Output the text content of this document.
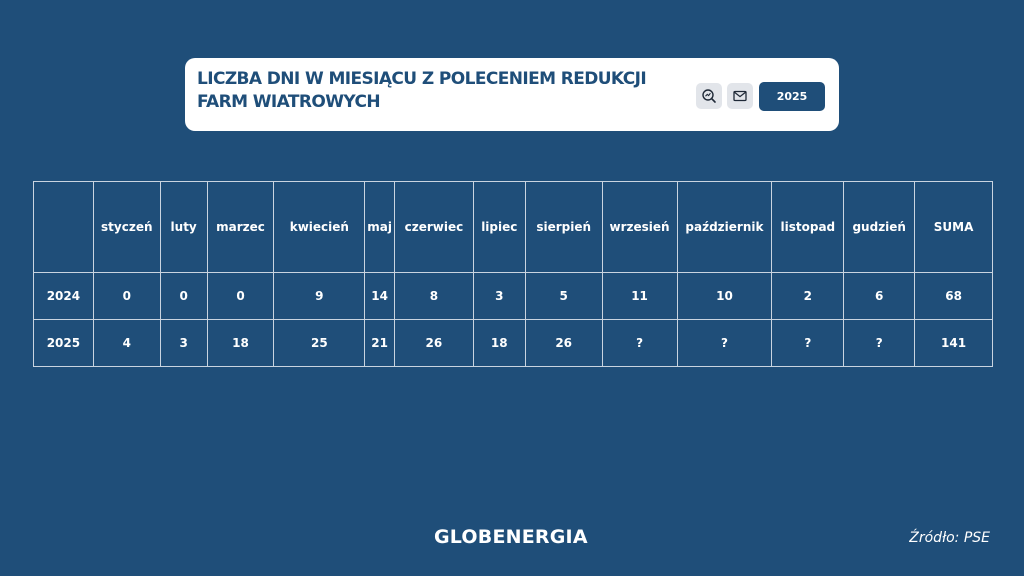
LICZBA DNI W MIESIĄCU Z POLECENIEM REDUKCJI FARM WIATROWYCH	2025
	styczeń	luty	marzec	kwiecień	maj	czerwiec	lipiec	sierpień	wrzesień	październik	listopad	gudzień	SUMA
2024	0	0	0	9	14	8	3	5	11	10	2	6	68
2025	4	3	18	25	21	26	18	26	?	?	?	?	141
GLOBENERGIA	Źródło: PSE
